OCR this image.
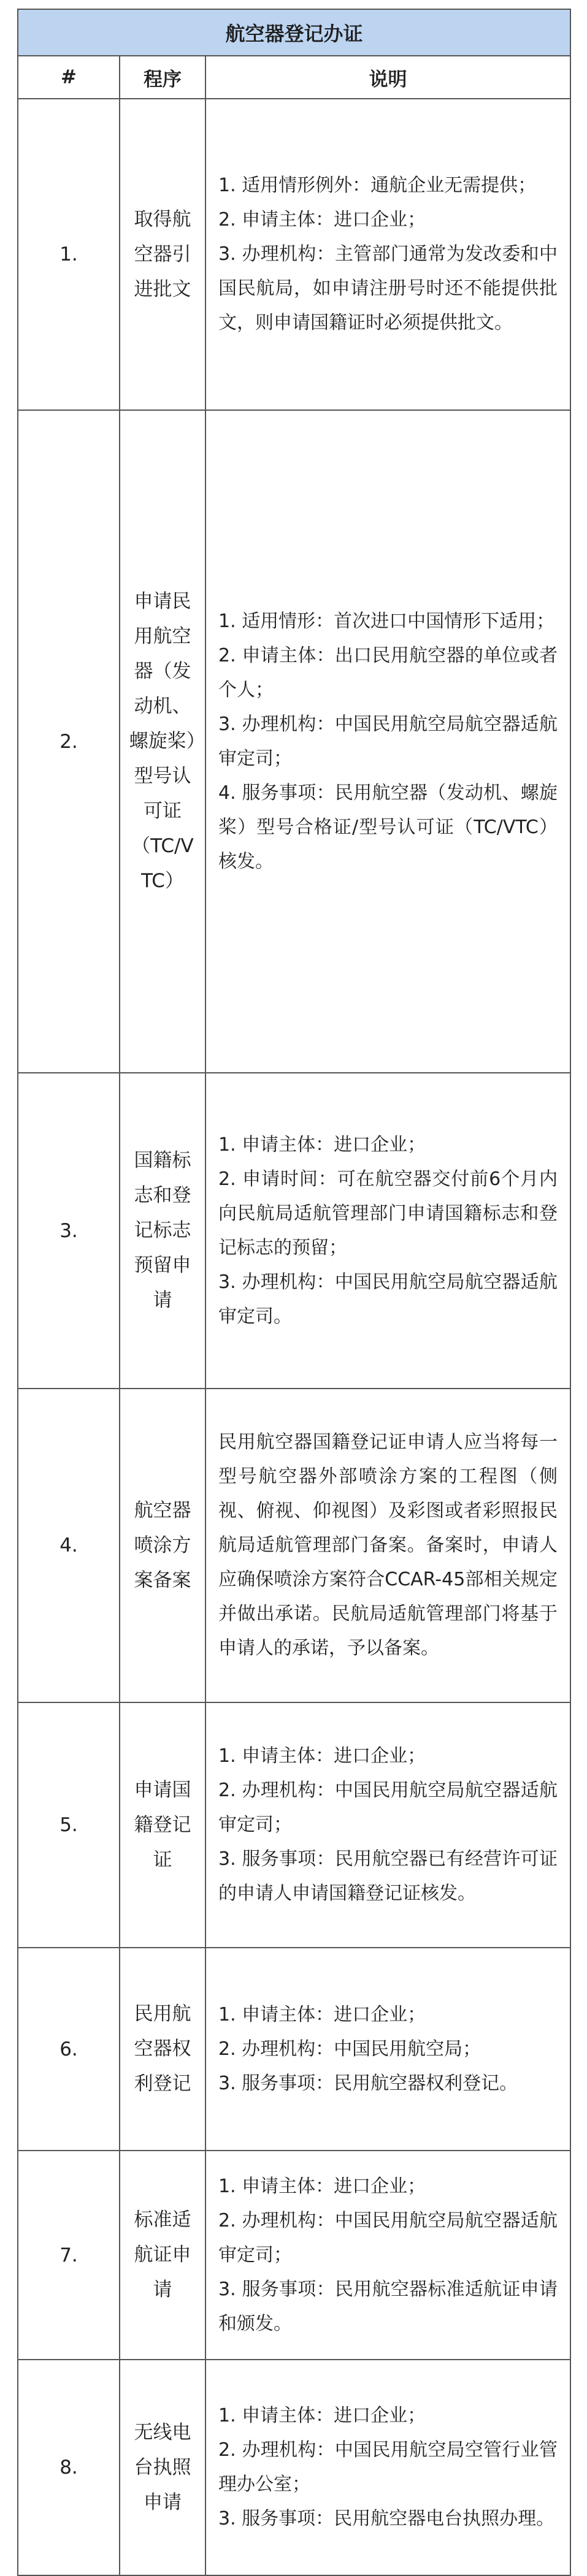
航空器登记办证		
#	程序	说明
1.	取得航空器引进批文	1. 适用情形例外：通航企业无需提供；
2. 申请主体：进口企业；
3. 办理机构：主管部门通常为发改委和中国民航局，如申请注册号时还不能提供批文，则申请国籍证时必须提供批文。

2.	申请民用航空器（发动机、螺旋桨）型号认可证（TC/VTC）	1. 适用情形：首次进口中国情形下适用；
2. 申请主体：出口民用航空器的单位或者个人；
3. 办理机构：中国民用航空局航空器适航审定司；
4. 服务事项：民用航空器（发动机、螺旋桨）型号合格证/型号认可证（TC/VTC）核发。

3.	国籍标志和登记标志预留申请	1. 申请主体：进口企业；
2. 申请时间：可在航空器交付前6个月内向民航局适航管理部门申请国籍标志和登记标志的预留；
3. 办理机构：中国民用航空局航空器适航审定司。

4.	航空器喷涂方案备案	民用航空器国籍登记证申请人应当将每一型号航空器外部喷涂方案的工程图（侧视、俯视、仰视图）及彩图或者彩照报民航局适航管理部门备案。备案时，申请人应确保喷涂方案符合CCAR-45部相关规定并做出承诺。民航局适航管理部门将基于申请人的承诺，予以备案。

5.	申请国籍登记证	1. 申请主体：进口企业；
2. 办理机构：中国民用航空局航空器适航审定司；
3. 服务事项：民用航空器已有经营许可证的申请人申请国籍登记证核发。

6.	民用航空器权利登记	1. 申请主体：进口企业；
2. 办理机构：中国民用航空局；
3. 服务事项：民用航空器权利登记。

7.	标准适航证申请	1. 申请主体：进口企业；
2. 办理机构：中国民用航空局航空器适航审定司；
3. 服务事项：民用航空器标准适航证申请和颁发。

8.	无线电台执照申请	1. 申请主体：进口企业；
2. 办理机构：中国民用航空局空管行业管理办公室；
3. 服务事项：民用航空器电台执照办理。
